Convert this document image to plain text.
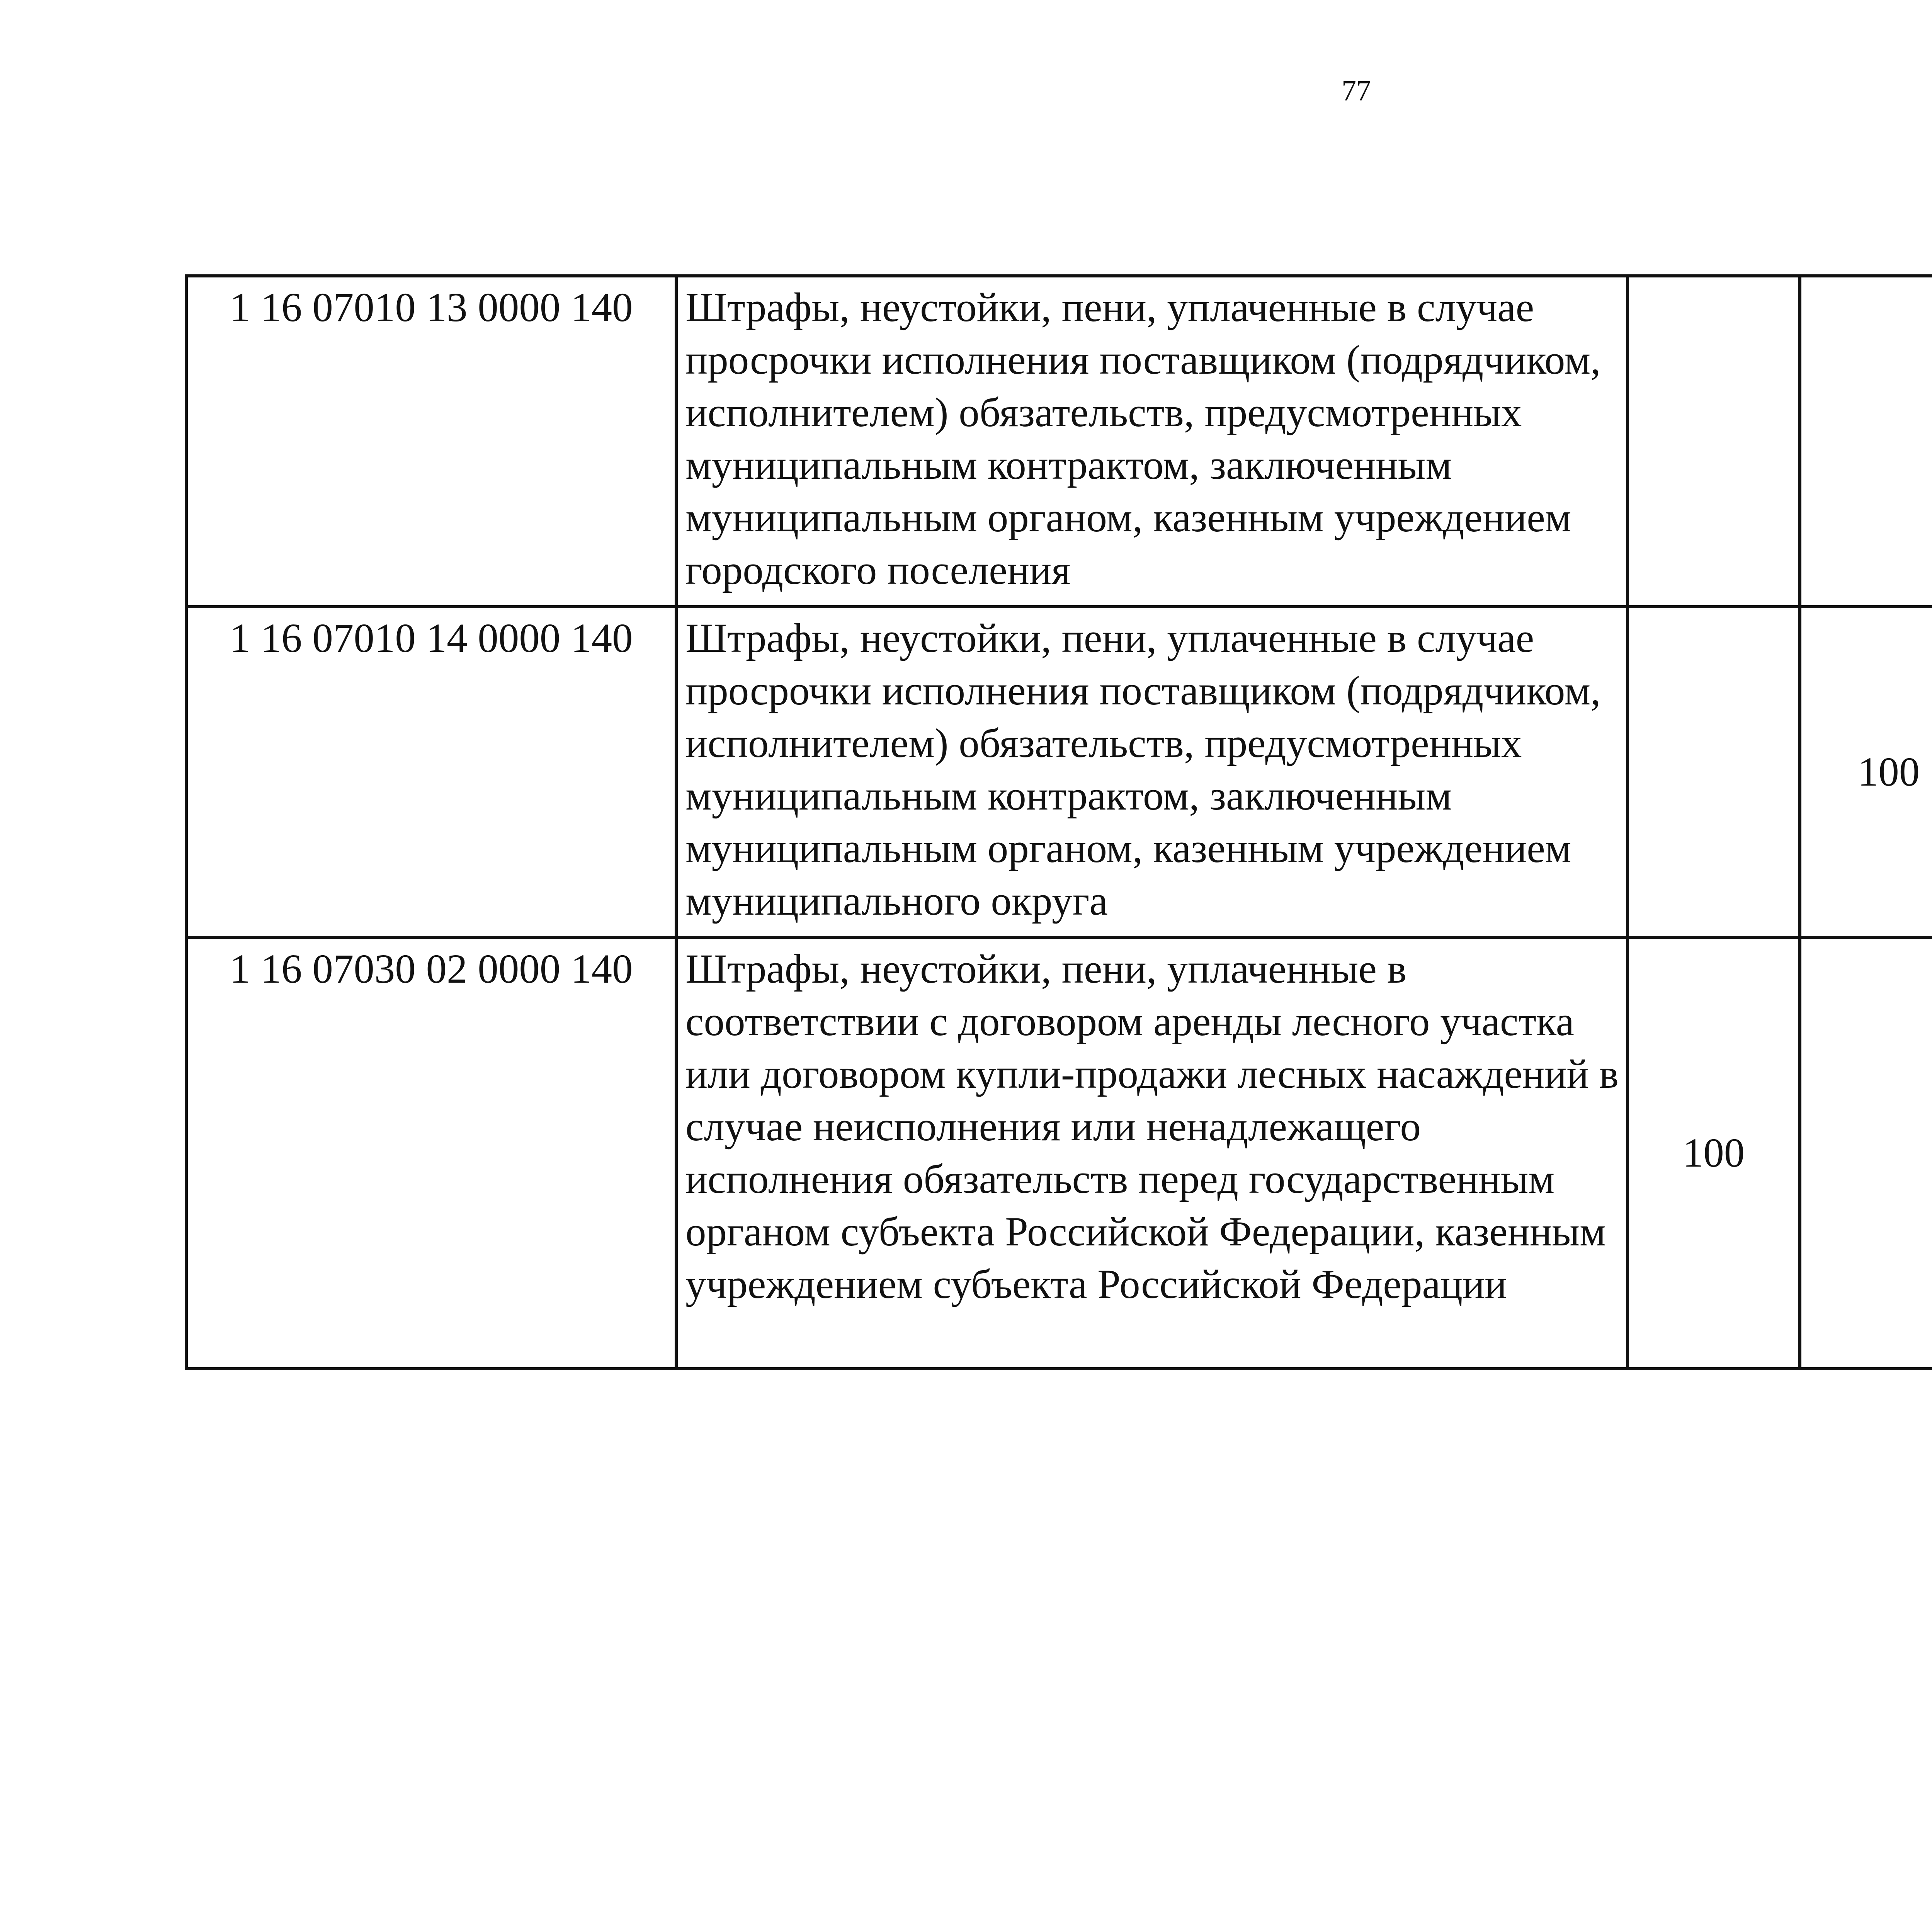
77
1 16 07010 13 0000 140	Штрафы, неустойки, пени, уплаченные в случае просрочки исполнения поставщиком (подрядчиком, исполнителем) обязательств, предусмотренных муниципальным контрактом, заключенным муниципальным органом, казенным учреждением городского поселения					
1 16 07010 14 0000 140	Штрафы, неустойки, пени, уплаченные в случае просрочки исполнения поставщиком (подрядчиком, исполнителем) обязательств, предусмотренных муниципальным контрактом, заключенным муниципальным органом, казенным учреждением муниципального округа		100			
1 16 07030 02 0000 140	Штрафы, неустойки, пени, уплаченные в соответствии с договором аренды лесного участка или договором купли-продажи лесных насаждений в случае неисполнения или ненадлежащего исполнения обязательств перед государственным органом субъекта Российской Федерации, казенным учреждением субъекта Российской Федерации	100				
